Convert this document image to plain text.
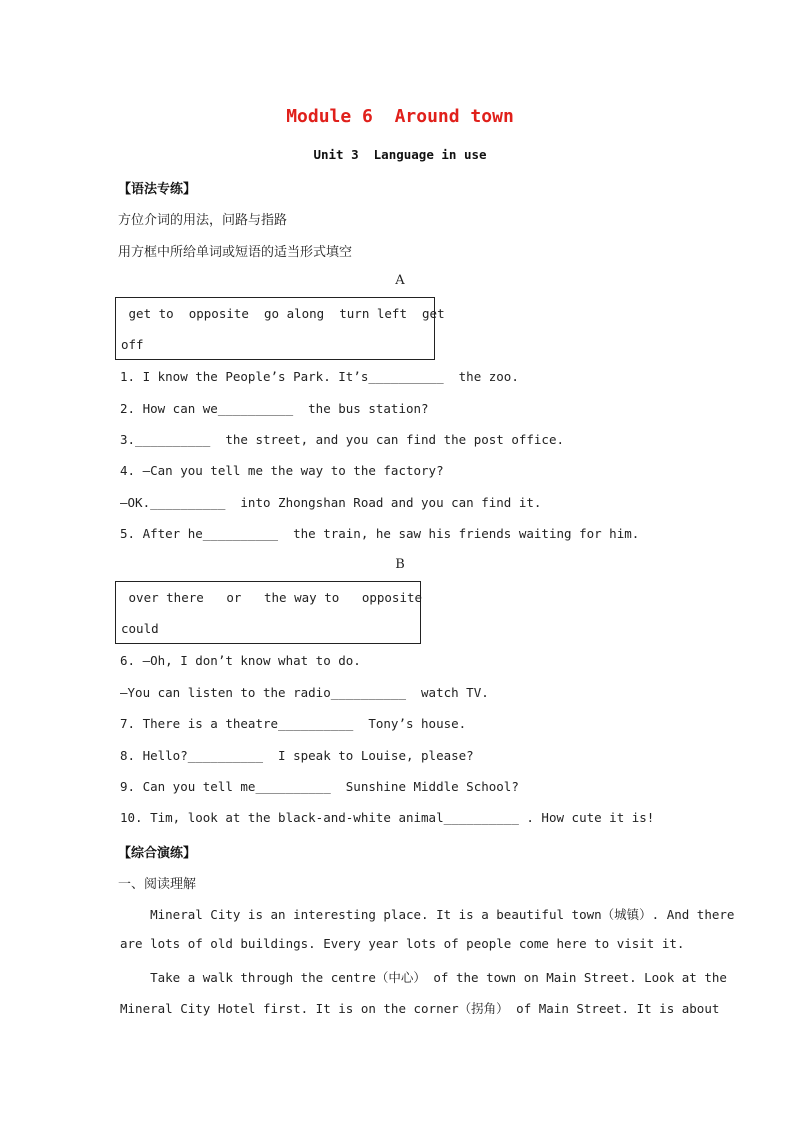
Module 6  Around town
Unit 3  Language in use
【语法专练】
方位介词的用法，问路与指路
用方框中所给单词或短语的适当形式填空
A
get to  opposite  go along  turn left  get
off
1. I know the People’s Park. It’s__________  the zoo.
2. How can we__________  the bus station?
3.__________  the street, and you can find the post office.
4. —Can you tell me the way to the factory?
—OK.__________  into Zhongshan Road and you can find it.
5. After he__________  the train, he saw his friends waiting for him.
B
over there   or   the way to   opposite
could
6. —Oh, I don’t know what to do.
—You can listen to the radio__________  watch TV.
7. There is a theatre__________  Tony’s house.
8. Hello?__________  I speak to Louise, please?
9. Can you tell me__________  Sunshine Middle School?
10. Tim, look at the black-and-white animal__________ . How cute it is!
【综合演练】
一、阅读理解
Mineral City is an interesting place. It is a beautiful town（城镇）. And there
are lots of old buildings. Every year lots of people come here to visit it.
Take a walk through the centre（中心） of the town on Main Street. Look at the
Mineral City Hotel first. It is on the corner（拐角） of Main Street. It is about
